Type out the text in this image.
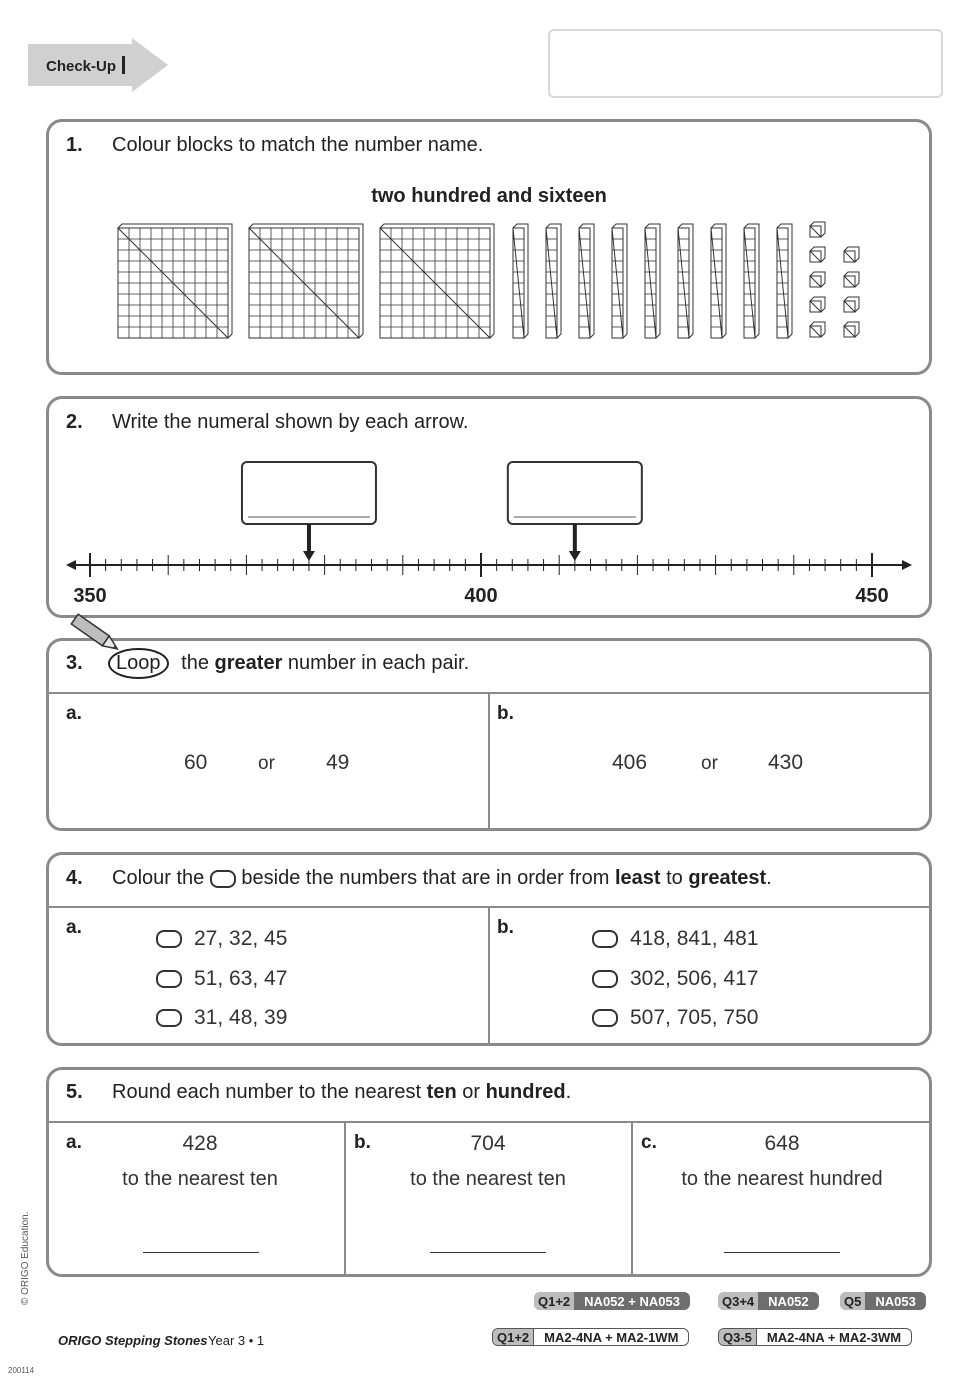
Check-Up
1. Colour blocks to match the number name.
two hundred and sixteen
2. Write the numeral shown by each arrow.
350	400	450
3. Loop the greater number in each pair.
a.
60	or 49
b.
406	or 430
4. Colour the beside the numbers that are in order from least to greatest.
a.	27, 32, 45
51, 63, 47
31, 48, 39
b.	418, 841, 481
302, 506, 417
507, 705, 750
5. Round each number to the nearest ten or hundred.
a.	428
to the nearest ten
b.	704
to the nearest ten
c.	648
to the nearest hundred
© ORIGO Education.	Q1+2	NA052 + NA053	Q3+4	NA052	Q5	NA053
ORIGO Stepping Stones Year 3 • 1	Q1+2	MA2-4NA + MA2-1WM	Q3-5	MA2-4NA + MA2-3WM
200114
